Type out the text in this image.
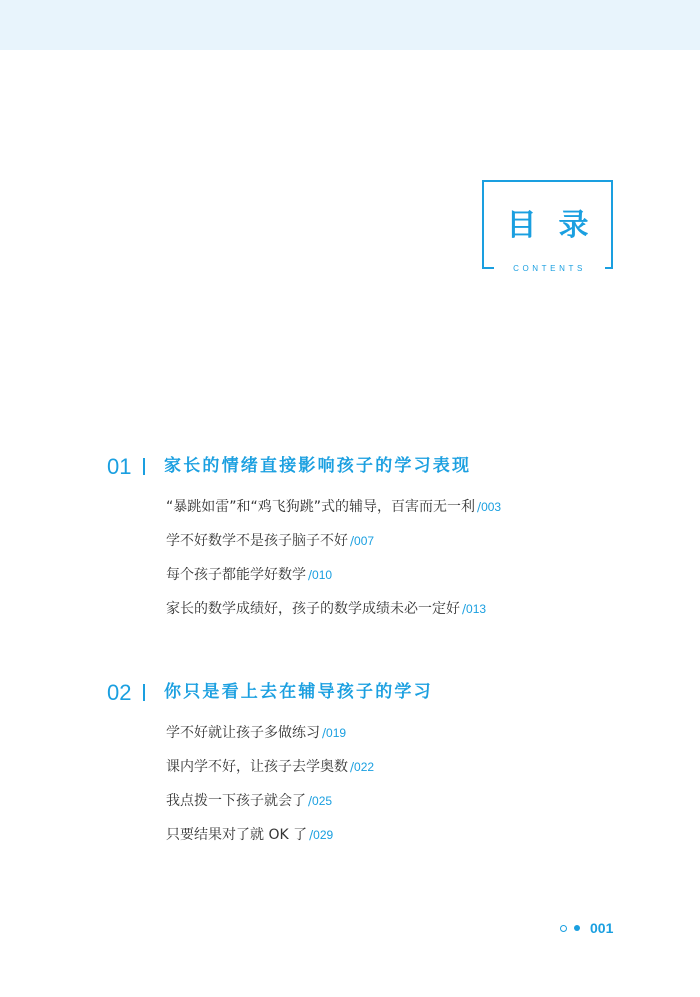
目录
CONTENTS
01 家长的情绪直接影响孩子的学习表现
“暴跳如雷”和“鸡飞狗跳”式的辅导，百害而无一利 /003
学不好数学不是孩子脑子不好 /007
每个孩子都能学好数学 /010
家长的数学成绩好，孩子的数学成绩未必一定好 /013
02 你只是看上去在辅导孩子的学习
学不好就让孩子多做练习 /019
课内学不好，让孩子去学奥数 /022
我点拨一下孩子就会了 /025
只要结果对了就 OK 了 /029
001
